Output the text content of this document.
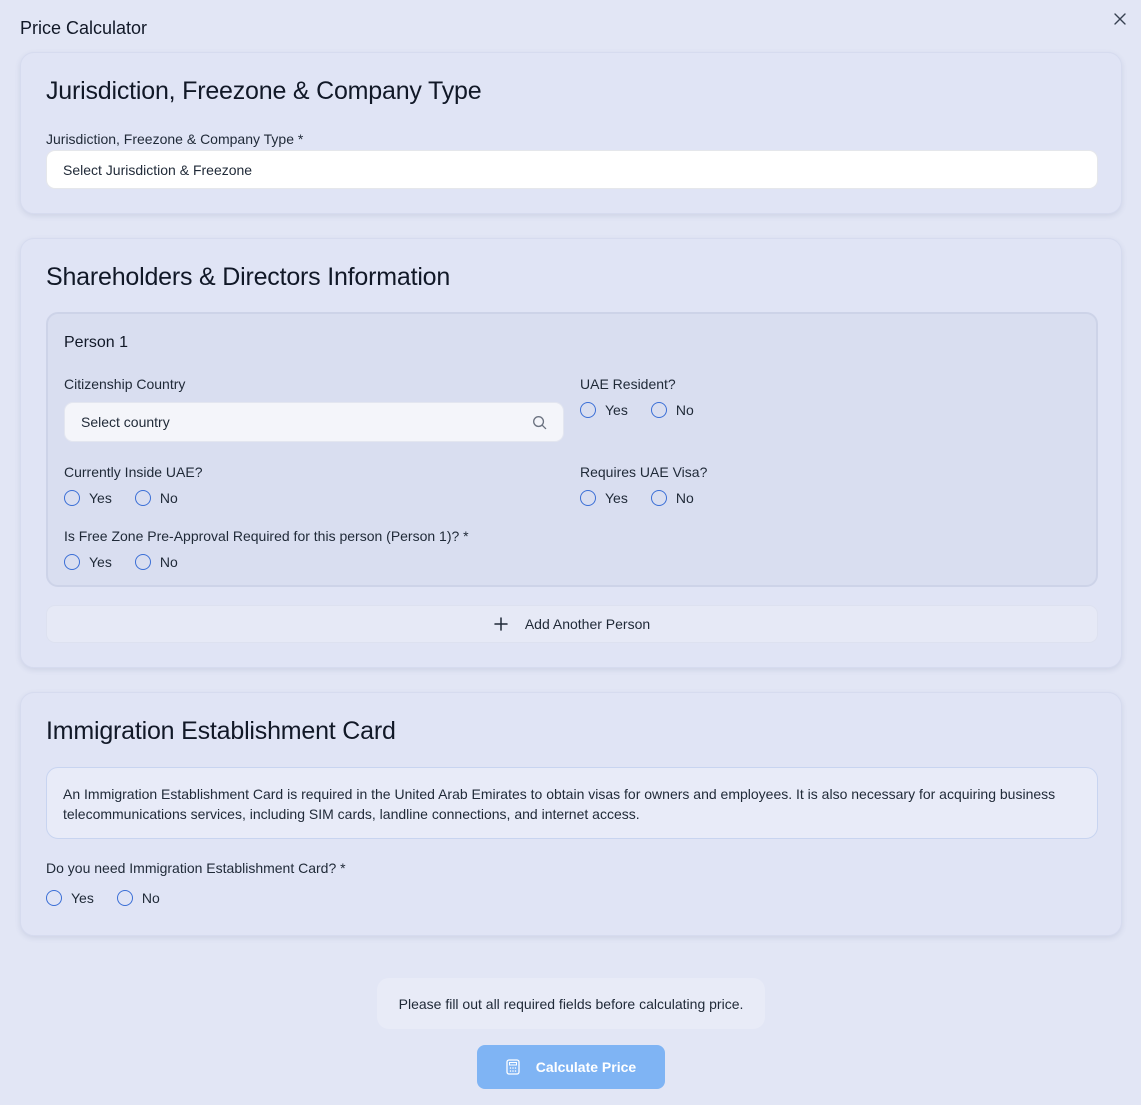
Price Calculator
Jurisdiction, Freezone & Company Type
Jurisdiction, Freezone & Company Type *
Select Jurisdiction & Freezone
Shareholders & Directors Information
Person 1
Citizenship Country
Select country
UAE Resident?
Yes	No
Currently Inside UAE?
Yes	No
Requires UAE Visa?
Yes	No
Is Free Zone Pre-Approval Required for this person (Person 1)? *
Yes	No
Add Another Person
Immigration Establishment Card
An Immigration Establishment Card is required in the United Arab Emirates to obtain visas for owners and employees. It is also necessary for acquiring business telecommunications services, including SIM cards, landline connections, and internet access.
Do you need Immigration Establishment Card? *
Yes	No
Please fill out all required fields before calculating price.
Calculate Price
